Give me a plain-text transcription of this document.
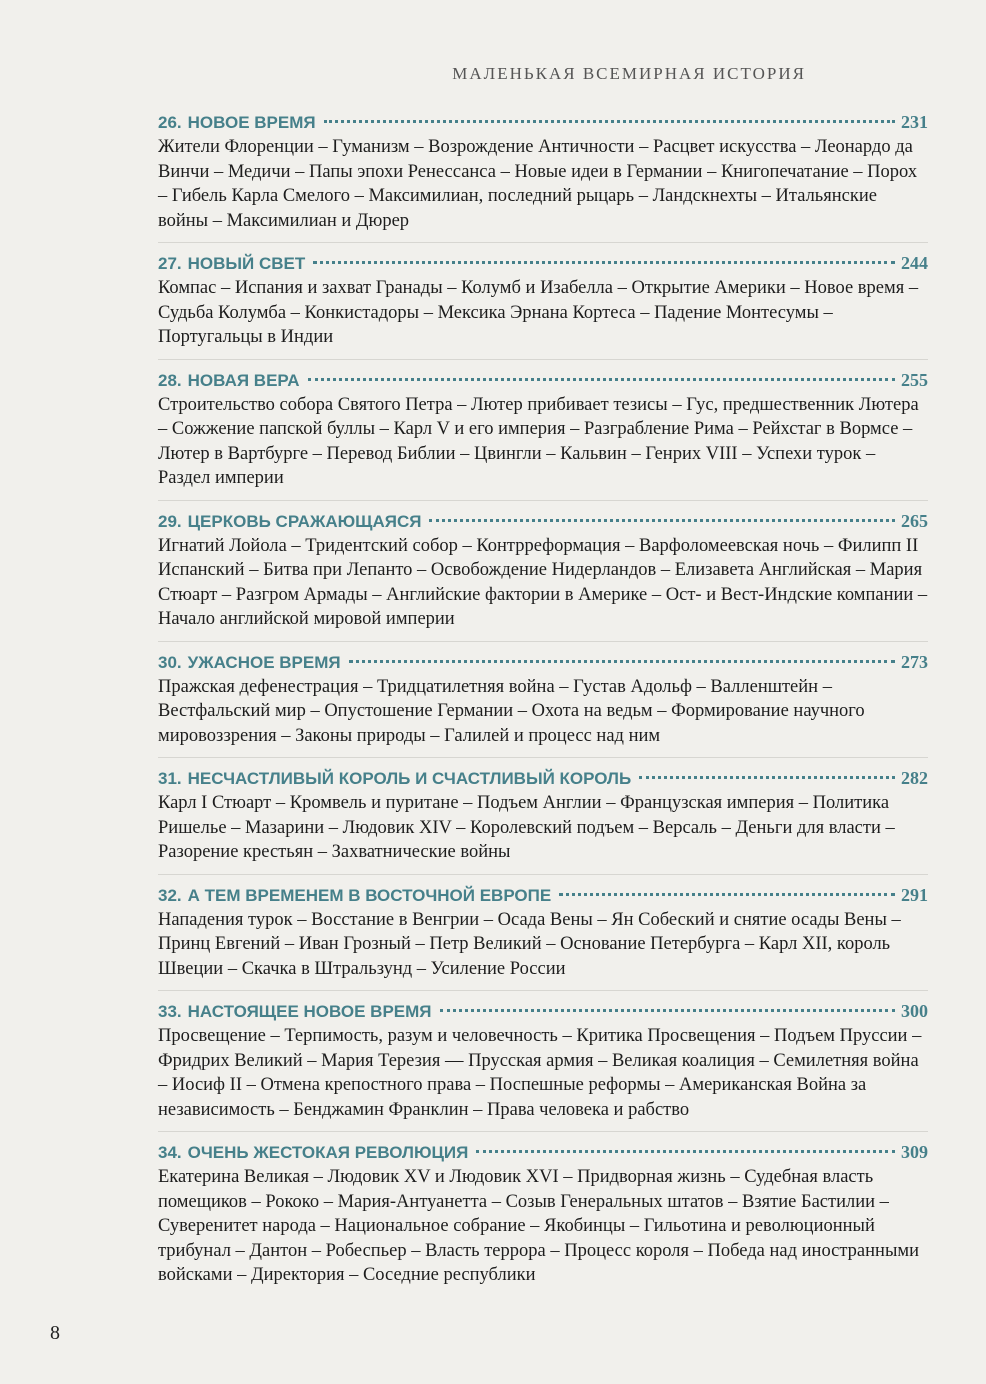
МАЛЕНЬКАЯ ВСЕМИРНАЯ ИСТОРИЯ
26. НОВОЕ ВРЕМЯ	231

Жители Флоренции – Гуманизм – Возрождение Античности – Расцвет искусства – Леонардо да Винчи – Медичи – Папы эпохи Ренессанса – Новые идеи в Германии – Книгопечатание – Порох – Гибель Карла Смелого – Максимилиан, последний рыцарь – Ландскнехты – Итальянские войны – Максимилиан и Дюрер

27. НОВЫЙ СВЕТ	244

Компас – Испания и захват Гранады – Колумб и Изабелла – Открытие Америки – Новое время – Судьба Колумба – Конкистадоры – Мексика Эрнана Кортеса – Падение Монтесумы – Португальцы в Индии

28. НОВАЯ ВЕРА	255

Строительство собора Святого Петра – Лютер прибивает тезисы – Гус, предшественник Лютера – Сожжение папской буллы – Карл V и его империя – Разграбление Рима – Рейхстаг в Вормсе – Лютер в Вартбурге – Перевод Библии – Цвингли – Кальвин – Генрих VIII – Успехи турок – Раздел империи

29. ЦЕРКОВЬ СРАЖАЮЩАЯСЯ	265

Игнатий Лойола – Тридентский собор – Контрреформация – Варфоломеевская ночь – Филипп II Испанский – Битва при Лепанто – Освобождение Нидерландов – Елизавета Английская – Мария Стюарт – Разгром Армады – Английские фактории в Америке – Ост- и Вест-Индские компании – Начало английской мировой империи

30. УЖАСНОЕ ВРЕМЯ	273

Пражская дефенестрация – Тридцатилетняя война – Густав Адольф – Валленштейн – Вестфальский мир – Опустошение Германии – Охота на ведьм – Формирование научного мировоззрения – Законы природы – Галилей и процесс над ним

31. НЕСЧАСТЛИВЫЙ КОРОЛЬ И СЧАСТЛИВЫЙ КОРОЛЬ	282

Карл I Стюарт – Кромвель и пуритане – Подъем Англии – Французская империя – Политика Ришелье – Мазарини – Людовик XIV – Королевский подъем – Версаль – Деньги для власти – Разорение крестьян – Захватнические войны

32. А ТЕМ ВРЕМЕНЕМ В ВОСТОЧНОЙ ЕВРОПЕ	291

Нападения турок – Восстание в Венгрии – Осада Вены – Ян Собеский и снятие осады Вены – Принц Евгений – Иван Грозный – Петр Великий – Основание Петербурга – Карл XII, король Швеции – Скачка в Штральзунд – Усиление России

33. НАСТОЯЩЕЕ НОВОЕ ВРЕМЯ	300

Просвещение – Терпимость, разум и человечность – Критика Просвещения – Подъем Пруссии – Фридрих Великий – Мария Терезия — Прусская армия – Великая коалиция – Семилетняя война – Иосиф II – Отмена крепостного права – Поспешные реформы – Американская Война за независимость – Бенджамин Франклин – Права человека и рабство

34. ОЧЕНЬ ЖЕСТОКАЯ РЕВОЛЮЦИЯ	309

Екатерина Великая – Людовик XV и Людовик XVI – Придворная жизнь – Судебная власть помещиков – Рококо – Мария-Антуанетта – Созыв Генеральных штатов – Взятие Бастилии – Суверенитет народа – Национальное собрание – Якобинцы – Гильотина и революционный трибунал – Дантон – Робеспьер – Власть террора – Процесс короля – Победа над иностранными войсками – Директория – Соседние республики

8
